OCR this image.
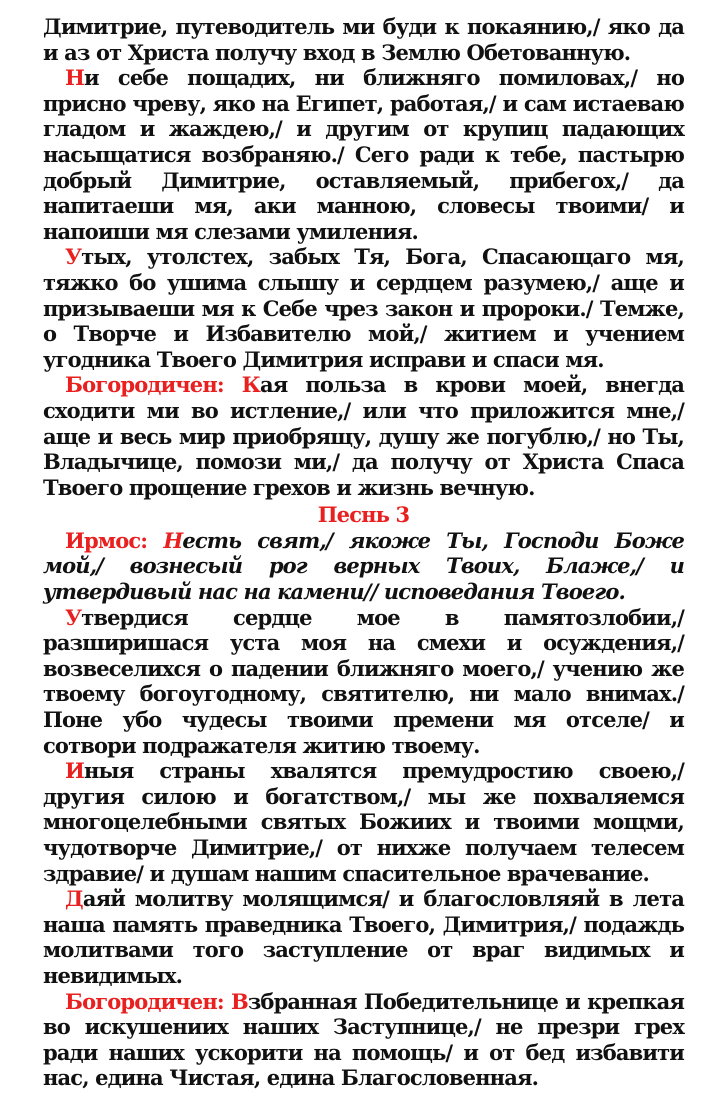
Димитрие, путеводитель ми буди к покаянию,/ яко да и аз от Христа получу вход в Землю Обетованную.

Ни себе пощадих, ни ближняго помиловах,/ но присно чреву, яко на Египет, работая,/ и сам истаеваю гладом и жаждею,/ и другим от крупиц падающих насыщатися возбраняю./ Сего ради к тебе, пастырю добрый Димитрие, оставляемый, прибегох,/ да напитаеши мя, аки манною, словесы твоими/ и напоиши мя слезами умиления.

Утых, утолстех, забых Тя, Бога, Спасающаго мя, тяжко бо ушима слышу и сердцем разумею,/ аще и призываеши мя к Себе чрез закон и пророки./ Темже, о Творче и Избавителю мой,/ житием и учением угодника Твоего Димитрия исправи и спаси мя.

Богородичен: Кая польза в крови моей, внегда сходити ми во истление,/ или что приложится мне,/ аще и весь мир приобрящу, душу же погублю,/ но Ты, Владычице, помози ми,/ да получу от Христа Спаса Твоего прощение грехов и жизнь вечную.

Песнь 3

Ирмос: Несть свят,/ якоже Ты, Господи Боже мой,/ вознесый рог верных Твоих, Блаже,/ и утвердивый нас на камени// исповедания Твоего.

Утвердися сердце мое в памятозлобии,/ разширишася уста моя на смехи и осуждения,/ возвеселихся о падении ближняго моего,/ учению же твоему богоугодному, святителю, ни мало внимах./ Поне убо чудесы твоими премени мя отселе/ и сотвори подражателя житию твоему.

Иныя страны хвалятся премудростию своею,/ другия силою и богатством,/ мы же похваляемся многоцелебными святых Божиих и твоими мощми, чудотворче Димитрие,/ от нихже получаем телесем здравие/ и душам нашим спасительное врачевание.

Даяй молитву молящимся/ и благословляяй в лета наша память праведника Твоего, Димитрия,/ подаждь молитвами того заступление от враг видимых и невидимых.

Богородичен: Взбранная Победительнице и крепкая во искушениих наших Заступнице,/ не презри грех ради наших ускорити на помощь/ и от бед избавити нас, едина Чистая, едина Благословенная.
